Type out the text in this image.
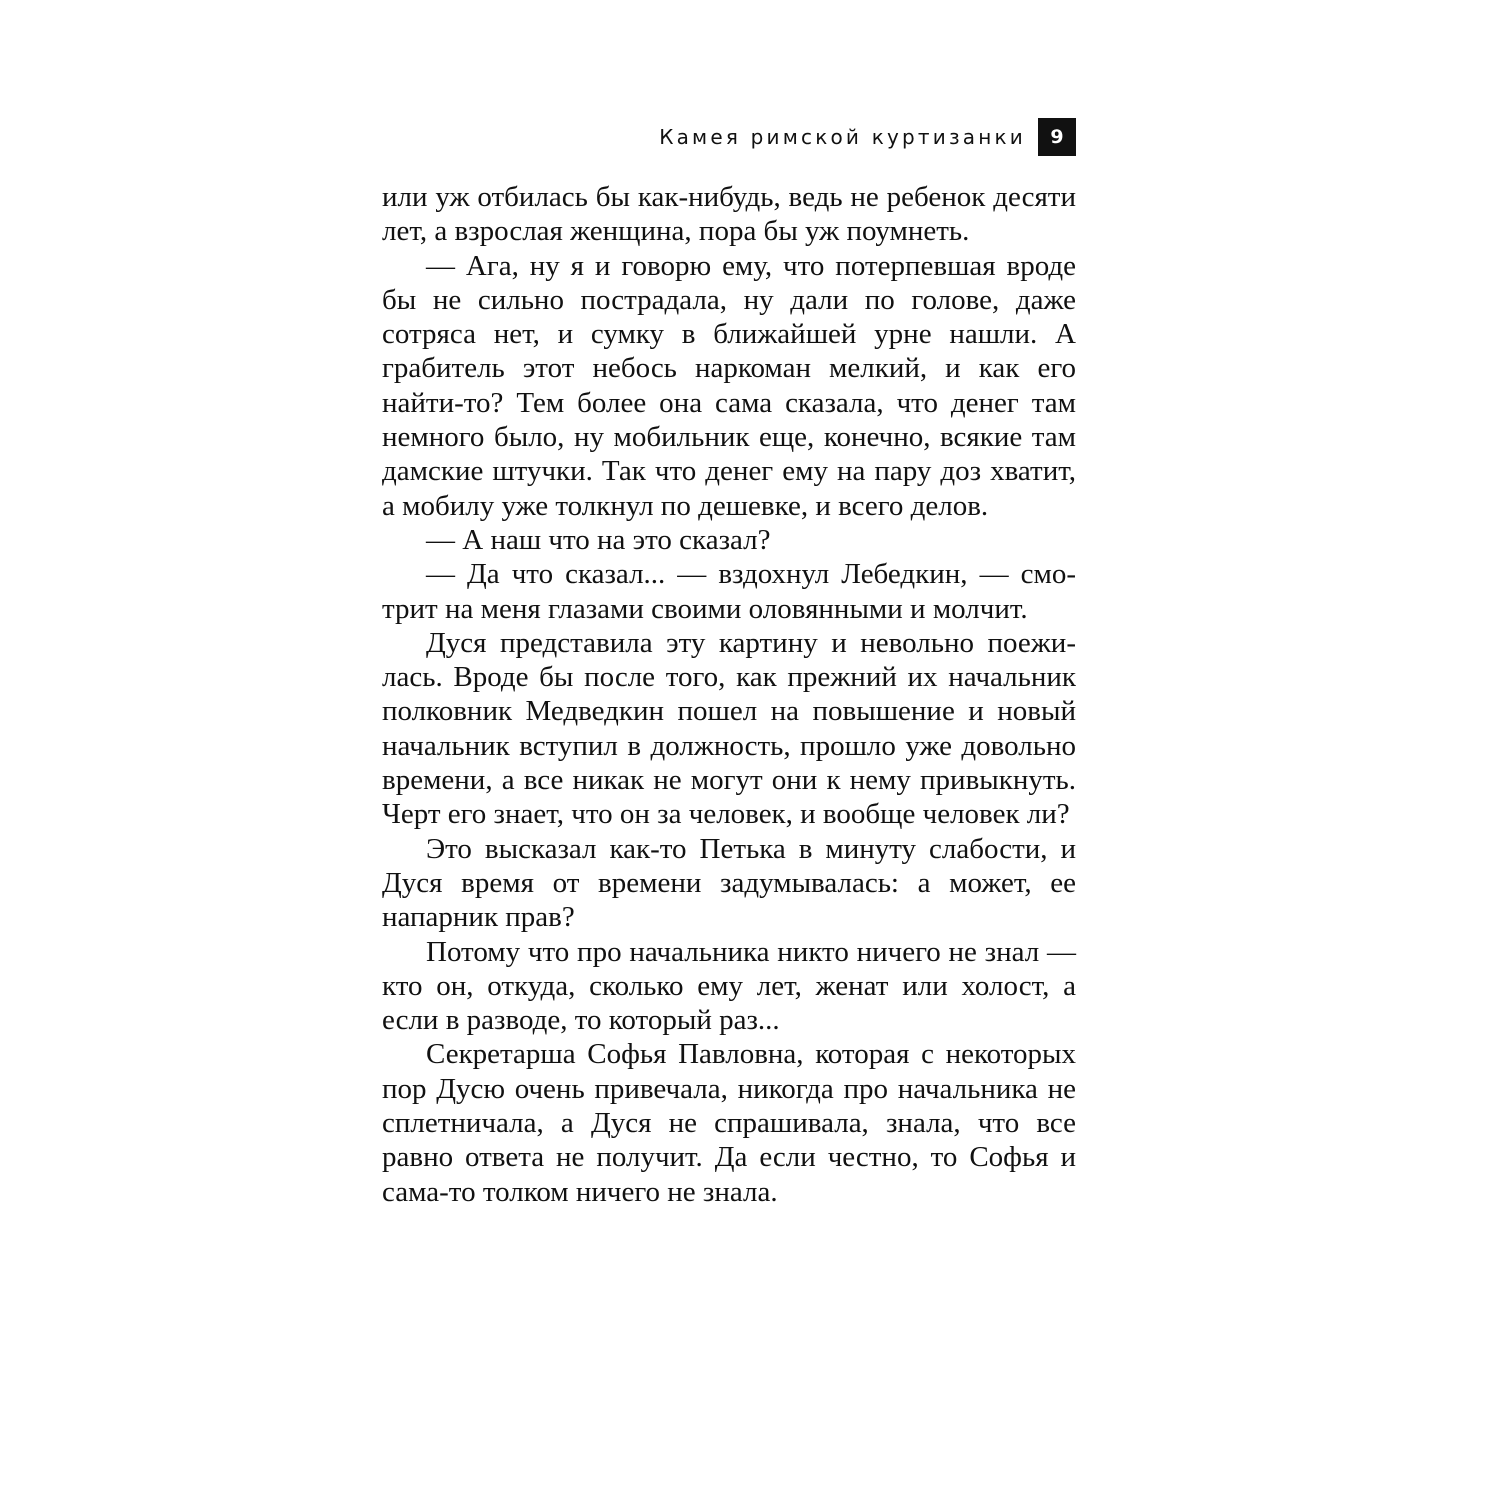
Камея римской куртизанки	9

или уж отбилась бы как-нибудь, ведь не ребенок десяти лет, а взрослая женщина, пора бы уж поумнеть.

— Ага, ну я и говорю ему, что потерпевшая вроде бы не сильно пострадала, ну дали по голове, даже сотряса нет, и сумку в ближайшей урне нашли. А грабитель этот небось наркоман мелкий, и как его найти-то? Тем более она сама сказала, что денег там немного было, ну мобильник еще, конечно, всякие там дамские штучки. Так что денег ему на пару доз хватит, а мобилу уже толкнул по дешевке, и всего делов.

— А наш что на это сказал?

— Да что сказал... — вздохнул Лебедкин, — смотрит на меня глазами своими оловянными и молчит.

Дуся представила эту картину и невольно поежилась. Вроде бы после того, как прежний их начальник полковник Медведкин пошел на повышение и новый начальник вступил в должность, прошло уже довольно времени, а все никак не могут они к нему привыкнуть. Черт его знает, что он за человек, и вообще человек ли?

Это высказал как-то Петька в минуту слабости, и Дуся время от времени задумывалась: а может, ее напарник прав?

Потому что про начальника никто ничего не знал — кто он, откуда, сколько ему лет, женат или холост, а если в разводе, то который раз...

Секретарша Софья Павловна, которая с некоторых пор Дусю очень привечала, никогда про начальника не сплетничала, а Дуся не спрашивала, знала, что все равно ответа не получит. Да если честно, то Софья и сама-то толком ничего не знала.
